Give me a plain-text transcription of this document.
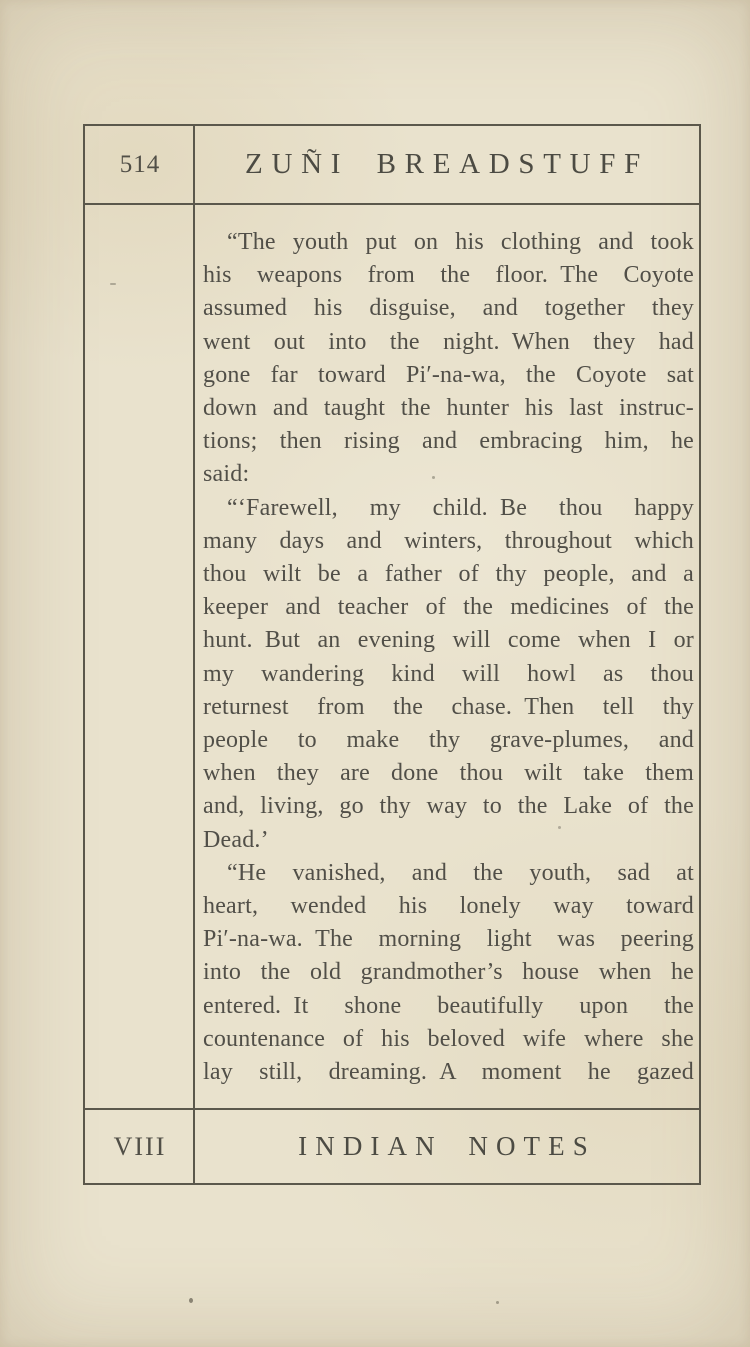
514	ZUÑI BREADSTUFF
“The youth put on his clothing and took
his weapons from the floor. The Coyote
assumed his disguise, and together they
went out into the night. When they had
gone far toward Pi′-na-wa, the Coyote sat
down and taught the hunter his last instruc-
tions; then rising and embracing him, he
said:
“‘Farewell, my child. Be thou happy
many days and winters, throughout which
thou wilt be a father of thy people, and a
keeper and teacher of the medicines of the
hunt. But an evening will come when I or
my wandering kind will howl as thou
returnest from the chase. Then tell thy
people to make thy grave-plumes, and
when they are done thou wilt take them
and, living, go thy way to the Lake of the
Dead.’
“He vanished, and the youth, sad at
heart, wended his lonely way toward
Pi′-na-wa. The morning light was peering
into the old grandmother’s house when he
entered. It shone beautifully upon the
countenance of his beloved wife where she
lay still, dreaming. A moment he gazed
VIII	INDIAN NOTES
